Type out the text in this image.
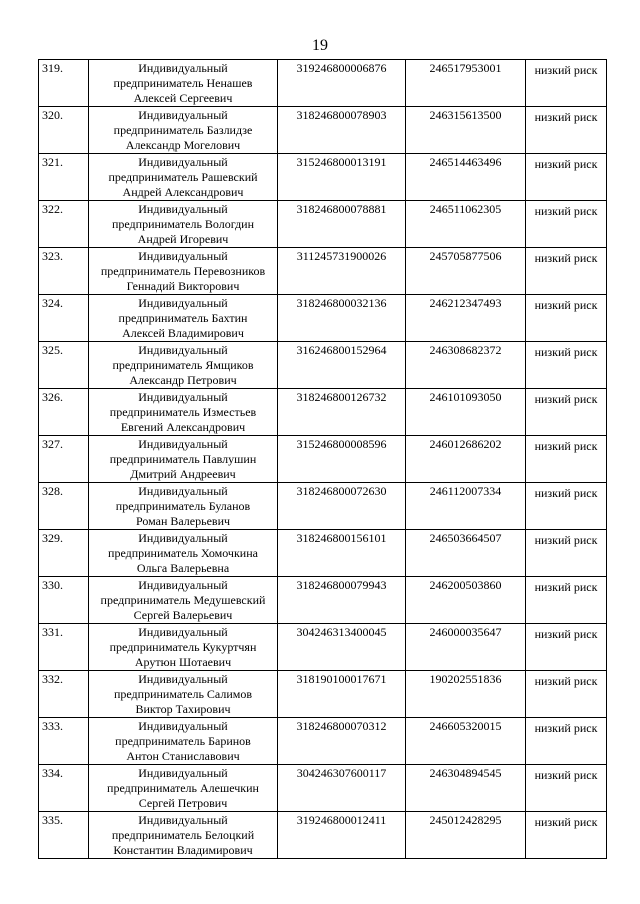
19
319.	Индивидуальный
предприниматель Ненашев
Алексей Сергеевич	319246800006876	246517953001	низкий риск
320.	Индивидуальный
предприниматель Базлидзе
Александр Могелович	318246800078903	246315613500	низкий риск
321.	Индивидуальный
предприниматель Рашевский
Андрей Александрович	315246800013191	246514463496	низкий риск
322.	Индивидуальный
предприниматель Вологдин
Андрей Игоревич	318246800078881	246511062305	низкий риск
323.	Индивидуальный
предприниматель Перевозников
Геннадий Викторович	311245731900026	245705877506	низкий риск
324.	Индивидуальный
предприниматель Бахтин
Алексей Владимирович	318246800032136	246212347493	низкий риск
325.	Индивидуальный
предприниматель Ямщиков
Александр Петрович	316246800152964	246308682372	низкий риск
326.	Индивидуальный
предприниматель Изместьев
Евгений Александрович	318246800126732	246101093050	низкий риск
327.	Индивидуальный
предприниматель Павлушин
Дмитрий Андреевич	315246800008596	246012686202	низкий риск
328.	Индивидуальный
предприниматель Буланов
Роман Валерьевич	318246800072630	246112007334	низкий риск
329.	Индивидуальный
предприниматель Хомочкина
Ольга Валерьевна	318246800156101	246503664507	низкий риск
330.	Индивидуальный
предприниматель Медушевский
Сергей Валерьевич	318246800079943	246200503860	низкий риск
331.	Индивидуальный
предприниматель Кукуртчян
Арутюн Шотаевич	304246313400045	246000035647	низкий риск
332.	Индивидуальный
предприниматель Салимов
Виктор Тахирович	318190100017671	190202551836	низкий риск
333.	Индивидуальный
предприниматель Баринов
Антон Станиславович	318246800070312	246605320015	низкий риск
334.	Индивидуальный
предприниматель Алешечкин
Сергей Петрович	304246307600117	246304894545	низкий риск
335.	Индивидуальный
предприниматель Белоцкий
Константин Владимирович	319246800012411	245012428295	низкий риск
